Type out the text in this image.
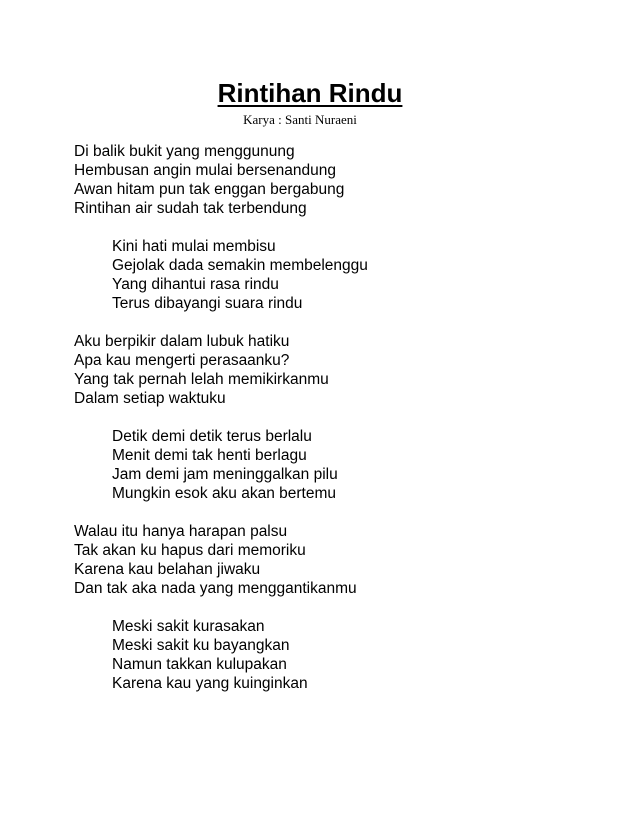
Rintihan Rindu

Karya : Santi Nuraeni

Di balik bukit yang menggunung
Hembusan angin mulai bersenandung
Awan hitam pun tak enggan bergabung
Rintihan air sudah tak terbendung
Kini hati mulai membisu
Gejolak dada semakin membelenggu
Yang dihantui rasa rindu
Terus dibayangi suara rindu
Aku berpikir dalam lubuk hatiku
Apa kau mengerti perasaanku?
Yang tak pernah lelah memikirkanmu
Dalam setiap waktuku
Detik demi detik terus berlalu
Menit demi tak henti berlagu
Jam demi jam meninggalkan pilu
Mungkin esok aku akan bertemu
Walau itu hanya harapan palsu
Tak akan ku hapus dari memoriku
Karena kau belahan jiwaku
Dan tak aka nada yang menggantikanmu
Meski sakit kurasakan
Meski sakit ku bayangkan
Namun takkan kulupakan
Karena kau yang kuinginkan
